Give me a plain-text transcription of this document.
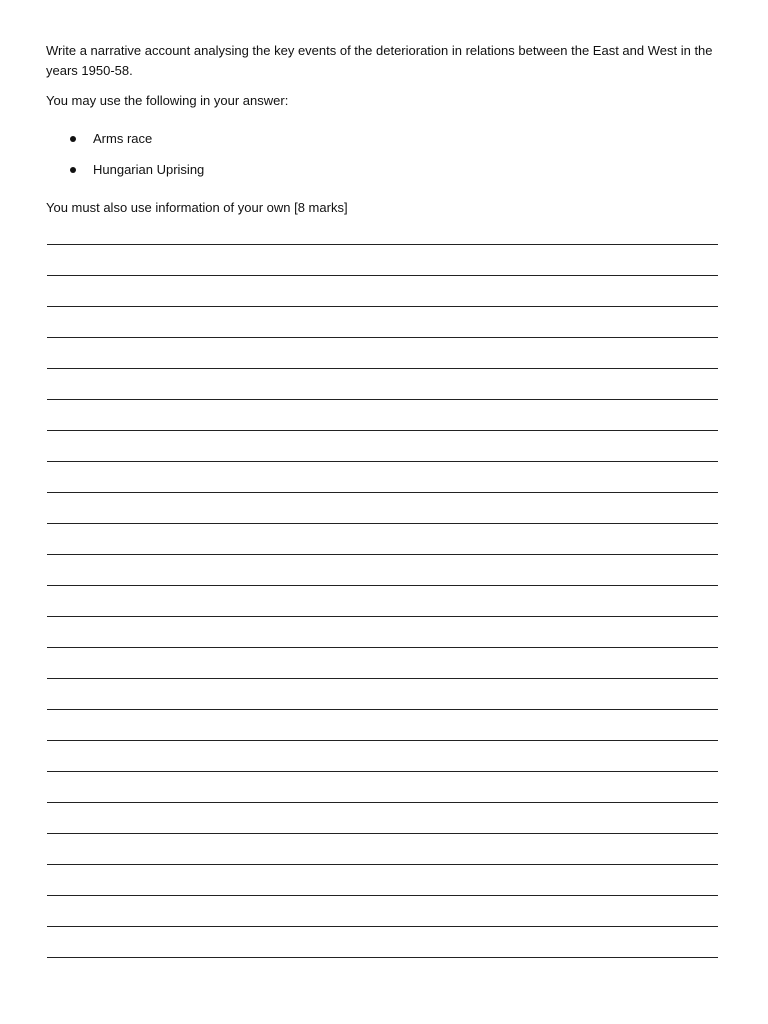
Write a narrative account analysing the key events of the deterioration in relations between the East and West in the years 1950-58.

You may use the following in your answer:

Arms race
Hungarian Uprising

You must also use information of your own [8 marks]
